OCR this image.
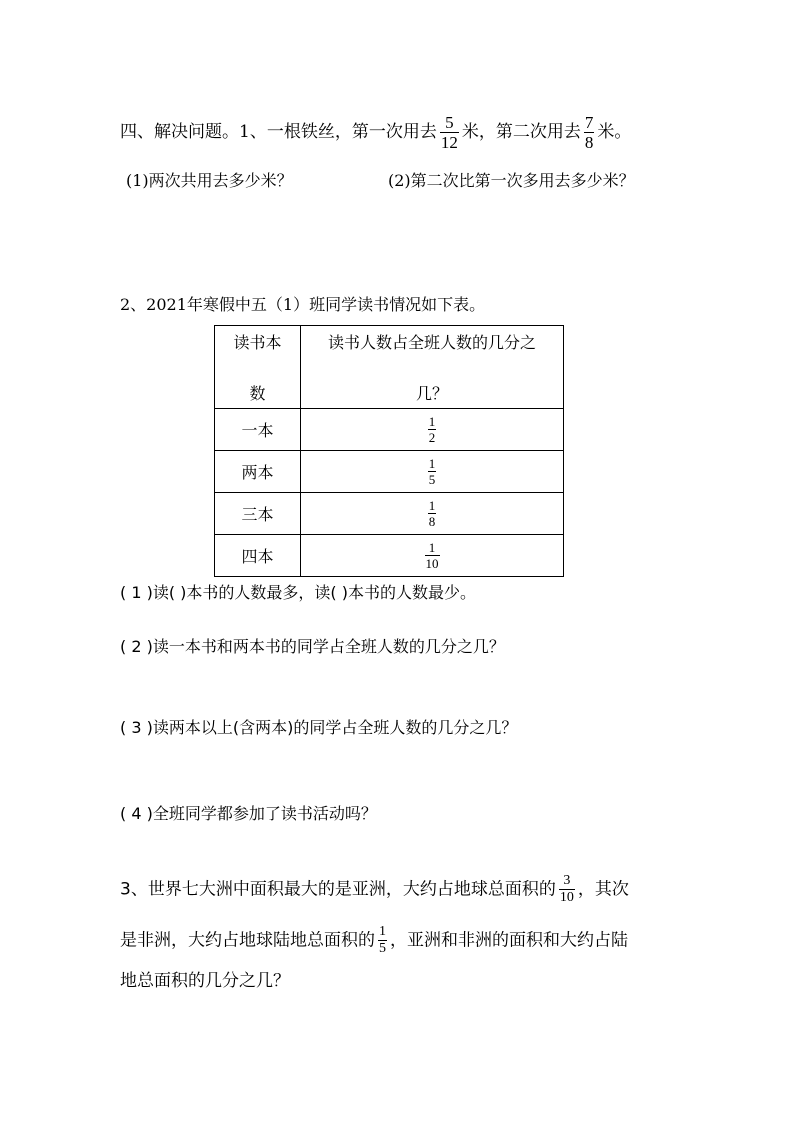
四、解决问题。1、一根铁丝，第一次用去 $\frac{5}{12}$ 米，第二次用去 $\frac{7}{8}$ 米。
(1)两次共用去多少米？	(2)第二次比第一次多用去多少米？
2、2021年寒假中五（1）班同学读书情况如下表。
读书本
数	读书人数占全班人数的几分之
几？

一本	$\frac{1}{2}$

两本	$\frac{1}{5}$

三本	$\frac{1}{8}$

四本	$\frac{1}{10}$
( 1 )读( )本书的人数最多，读( )本书的人数最少。
( 2 )读一本书和两本书的同学占全班人数的几分之几？
( 3 )读两本以上(含两本)的同学占全班人数的几分之几？
( 4 )全班同学都参加了读书活动吗？
3、世界七大洲中面积最大的是亚洲，大约占地球总面积的 $\frac{3}{10}$ ，其次
是非洲，大约占地球陆地总面积的 $\frac{1}{5}$ ，亚洲和非洲的面积和大约占陆
地总面积的几分之几？
